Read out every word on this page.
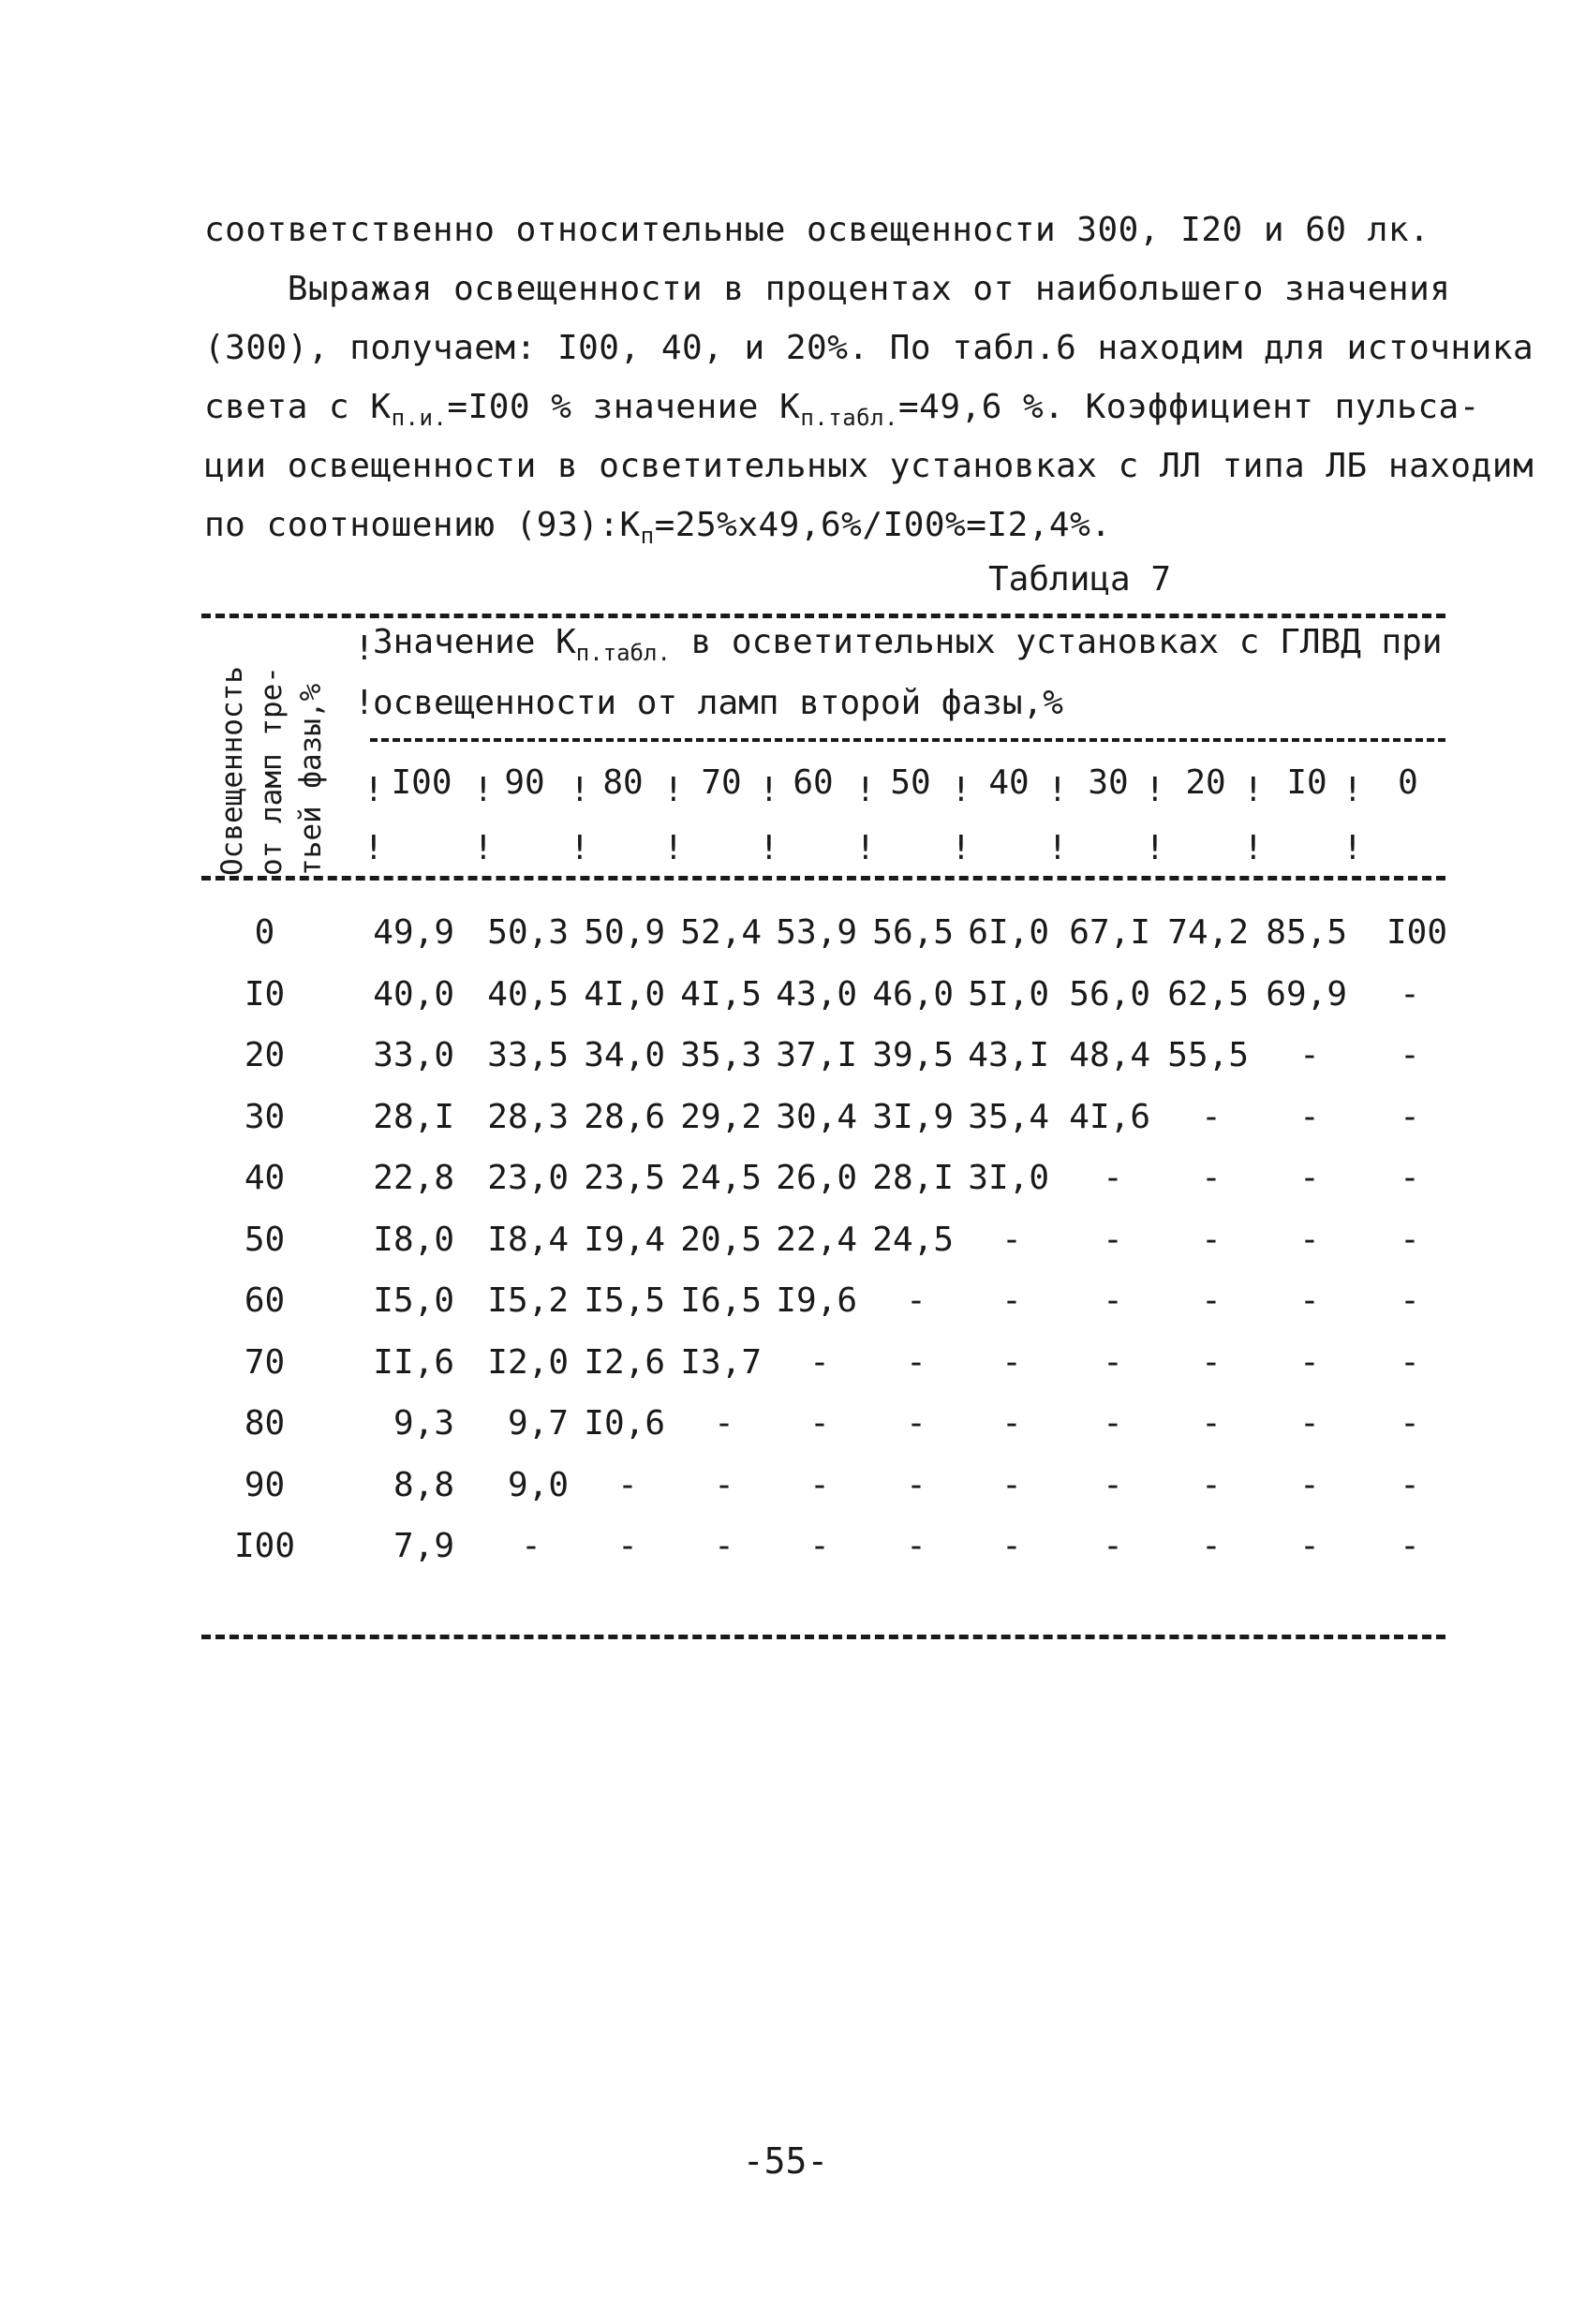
соответственно относительные освещенности 300, I20 и 60 лк.
Выражая освещенности в процентах от наибольшего значения
(300), получаем: I00, 40, и 20%. По табл.6 находим для источника
света с $К_{п.и.}=I00$ % значение $К_{п.табл.}=49,6$ %. Коэффициент пульса-
ции освещенности в осветительных установках с ЛЛ типа ЛБ находим
по соотношению $(93):К_п=25\%x49,6\%/I00\%=I2,4\%$.
Таблица 7
Освещенность от ламп тре- тьей фазы,%
!
Значение $К_{п.табл.}$ в осветительных установках с ГЛВД при
!
освещенности от ламп второй фазы,%
I00	90	80	70	60	50	40	30	20	I0	0
!
!
!
!
!
!
!
!
!
!
!
!
!
!
!
!
!
!
!
!
!
!
0	49,9 50,3 50,9 52,4 53,9 56,5 6I,0 67,I 74,2 85,5	I00
I0	40,0 40,5 4I,0 4I,5 43,0 46,0 5I,0 56,0 62,5 69,9 -
20	33,0 33,5 34,0 35,3 37,I 39,5 43,I 48,4 55,5 - -
30	28,I 28,3 28,6 29,2 30,4 3I,9 35,4 4I,6 - - -
40	22,8 23,0 23,5 24,5 26,0 28,I 3I,0 - - - -
50	I8,0 I8,4 I9,4 20,5 22,4 24,5 - - - - -
60	I5,0 I5,2 I5,5 I6,5 I9,6 - - - - - -
70	II,6 I2,0 I2,6 I3,7 - - - - - - -
80	9,3	9,7 I0,6 - - - - - - - -
90	8,8	9,0 - - - - - - - - -
I00	7,9 - - - - - - - - - -
-55-
